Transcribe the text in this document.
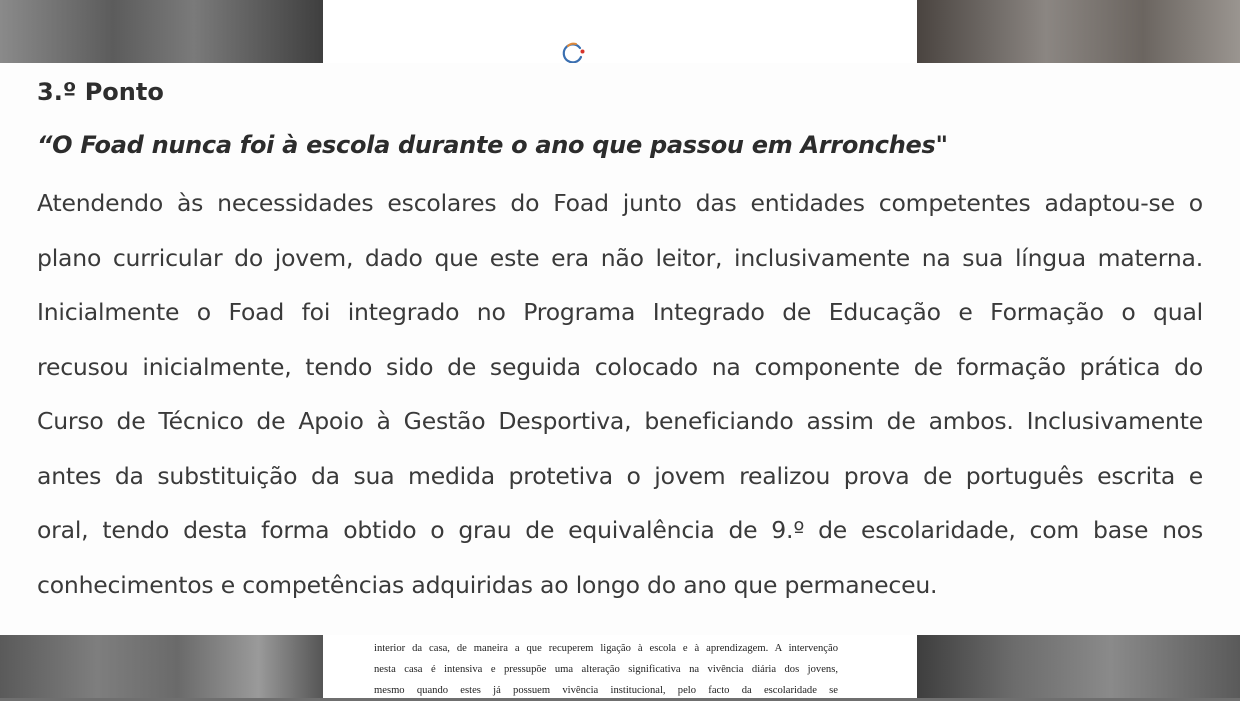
interior da casa, de maneira a que recuperem ligação à escola e à aprendizagem. A intervenção
nesta casa é intensiva e pressupõe uma alteração significativa na vivência diária dos jovens,
mesmo quando estes já possuem vivência institucional, pelo facto da escolaridade se
3.º Ponto
“O Foad nunca foi à escola durante o ano que passou em Arronches"
Atendendo às necessidades escolares do Foad junto das entidades competentes adaptou-se o
plano curricular do jovem, dado que este era não leitor, inclusivamente na sua língua materna.
Inicialmente o Foad foi integrado no Programa Integrado de Educação e Formação o qual
recusou inicialmente, tendo sido de seguida colocado na componente de formação prática do
Curso de Técnico de Apoio à Gestão Desportiva, beneficiando assim de ambos. Inclusivamente
antes da substituição da sua medida protetiva o jovem realizou prova de português escrita e
oral, tendo desta forma obtido o grau de equivalência de 9.º de escolaridade, com base nos
conhecimentos e competências adquiridas ao longo do ano que permaneceu.
